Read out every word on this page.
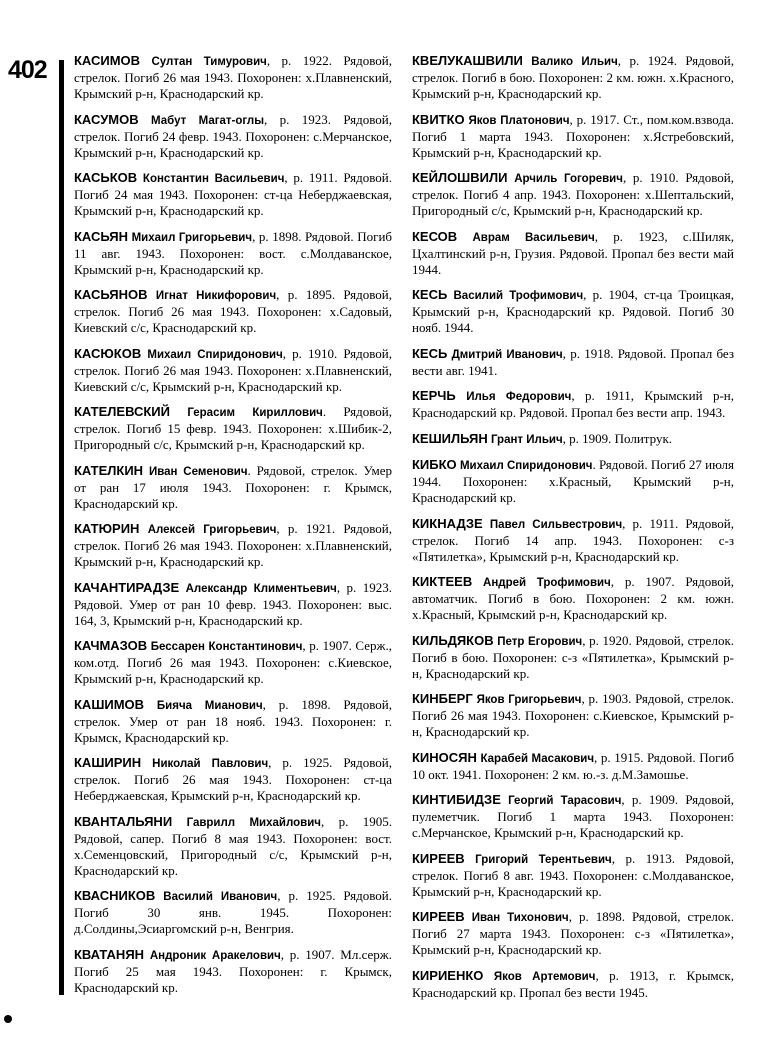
402 КАСИМОВ Султан Тимурович, р. 1922. Рядовой, стрелок. Погиб 26 мая 1943. Похоронен: х.Плавненский, Крымский р-н, Краснодарский кр.

КАСУМОВ Мабут Магат-оглы, р. 1923. Рядовой, стрелок. Погиб 24 февр. 1943. Похоронен: с.Мерчанское, Крымский р-н, Краснодарский кр.

КАСЬКОВ Константин Васильевич, р. 1911. Рядовой. Погиб 24 мая 1943. Похоронен: ст-ца Неберджаевская, Крымский р-н, Краснодарский кр.

КАСЬЯН Михаил Григорьевич, р. 1898. Рядовой. Погиб 11 авг. 1943. Похоронен: вост. с.Молдаванское, Крымский р-н, Краснодарский кр.

КАСЬЯНОВ Игнат Никифорович, р. 1895. Рядовой, стрелок. Погиб 26 мая 1943. Похоронен: х.Садовый, Киевский с/с, Краснодарский кр.

КАСЮКОВ Михаил Спиридонович, р. 1910. Рядовой, стрелок. Погиб 26 мая 1943. Похоронен: х.Плавненский, Киевский с/с, Крымский р-н, Краснодарский кр.

КАТЕЛЕВСКИЙ Герасим Кириллович. Рядовой, стрелок. Погиб 15 февр. 1943. Похоронен: х.Шибик-2, Пригородный с/с, Крымский р-н, Краснодарский кр.

КАТЕЛКИН Иван Семенович. Рядовой, стрелок. Умер от ран 17 июля 1943. Похоронен: г. Крымск, Краснодарский кр.

КАТЮРИН Алексей Григорьевич, р. 1921. Рядовой, стрелок. Погиб 26 мая 1943. Похоронен: х.Плавненский, Крымский р-н, Краснодарский кр.

КАЧАНТИРАДЗЕ Александр Климентьевич, р. 1923. Рядовой. Умер от ран 10 февр. 1943. Похоронен: выс. 164, 3, Крымский р-н, Краснодарский кр.

КАЧМАЗОВ Бессарен Константинович, р. 1907. Серж., ком.отд. Погиб 26 мая 1943. Похоронен: с.Киевское, Крымский р-н, Краснодарский кр.

КАШИМОВ Бияча Мианович, р. 1898. Рядовой, стрелок. Умер от ран 18 нояб. 1943. Похоронен: г. Крымск, Краснодарский кр.

КАШИРИН Николай Павлович, р. 1925. Рядовой, стрелок. Погиб 26 мая 1943. Похоронен: ст-ца Неберджаевская, Крымский р-н, Краснодарский кр.

КВАНТАЛЬЯНИ Гаврилл Михайлович, р. 1905. Рядовой, сапер. Погиб 8 мая 1943. Похоронен: вост. х.Семенцовский, Пригородный с/с, Крымский р-н, Краснодарский кр.

КВАСНИКОВ Василий Иванович, р. 1925. Рядовой. Погиб 30 янв. 1945. Похоронен: д.Солдины,Эсиаргомский р-н, Венгрия.

КВАТАНЯН Андроник Аракелович, р. 1907. Мл.серж. Погиб 25 мая 1943. Похоронен: г. Крымск, Краснодарский кр.

КВЕЛУКАШВИЛИ Валико Ильич, р. 1924. Рядовой, стрелок. Погиб в бою. Похоронен: 2 км. южн. х.Красного, Крымский р-н, Краснодарский кр.

КВИТКО Яков Платонович, р. 1917. Ст., пом.ком.взвода. Погиб 1 марта 1943. Похоронен: х.Ястребовский, Крымский р-н, Краснодарский кр.

КЕЙЛОШВИЛИ Арчиль Гогоревич, р. 1910. Рядовой, стрелок. Погиб 4 апр. 1943. Похоронен: х.Шептальский, Пригородный с/с, Крымский р-н, Краснодарский кр.

КЕСОВ Аврам Васильевич, р. 1923, с.Шиляк, Цхалтинский р-н, Грузия. Рядовой. Пропал без вести май 1944.

КЕСЬ Василий Трофимович, р. 1904, ст-ца Троицкая, Крымский р-н, Краснодарский кр. Рядовой. Погиб 30 нояб. 1944.

КЕСЬ Дмитрий Иванович, р. 1918. Рядовой. Пропал без вести авг. 1941.

КЕРЧЬ Илья Федорович, р. 1911, Крымский р-н, Краснодарский кр. Рядовой. Пропал без вести апр. 1943.

КЕШИЛЬЯН Грант Ильич, р. 1909. Политрук.

КИБКО Михаил Спиридонович. Рядовой. Погиб 27 июля 1944. Похоронен: х.Красный, Крымский р-н, Краснодарский кр.

КИКНАДЗЕ Павел Сильвестрович, р. 1911. Рядовой, стрелок. Погиб 14 апр. 1943. Похоронен: с-з «Пятилетка», Крымский р-н, Краснодарский кр.

КИКТЕЕВ Андрей Трофимович, р. 1907. Рядовой, автоматчик. Погиб в бою. Похоронен: 2 км. южн. х.Красный, Крымский р-н, Краснодарский кр.

КИЛЬДЯКОВ Петр Егорович, р. 1920. Рядовой, стрелок. Погиб в бою. Похоронен: с-з «Пятилетка», Крымский р-н, Краснодарский кр.

КИНБЕРГ Яков Григорьевич, р. 1903. Рядовой, стрелок. Погиб 26 мая 1943. Похоронен: с.Киевское, Крымский р-н, Краснодарский кр.

КИНОСЯН Карабей Масакович, р. 1915. Рядовой. Погиб 10 окт. 1941. Похоронен: 2 км. ю.-з. д.М.Замошье.

КИНТИБИДЗЕ Георгий Тарасович, р. 1909. Рядовой, пулеметчик. Погиб 1 марта 1943. Похоронен: с.Мерчанское, Крымский р-н, Краснодарский кр.

КИРЕЕВ Григорий Терентьевич, р. 1913. Рядовой, стрелок. Погиб 8 авг. 1943. Похоронен: с.Молдаванское, Крымский р-н, Краснодарский кр.

КИРЕЕВ Иван Тихонович, р. 1898. Рядовой, стрелок. Погиб 27 марта 1943. Похоронен: с-з «Пятилетка», Крымский р-н, Краснодарский кр.

КИРИЕНКО Яков Артемович, р. 1913, г. Крымск, Краснодарский кр. Пропал без вести 1945.
